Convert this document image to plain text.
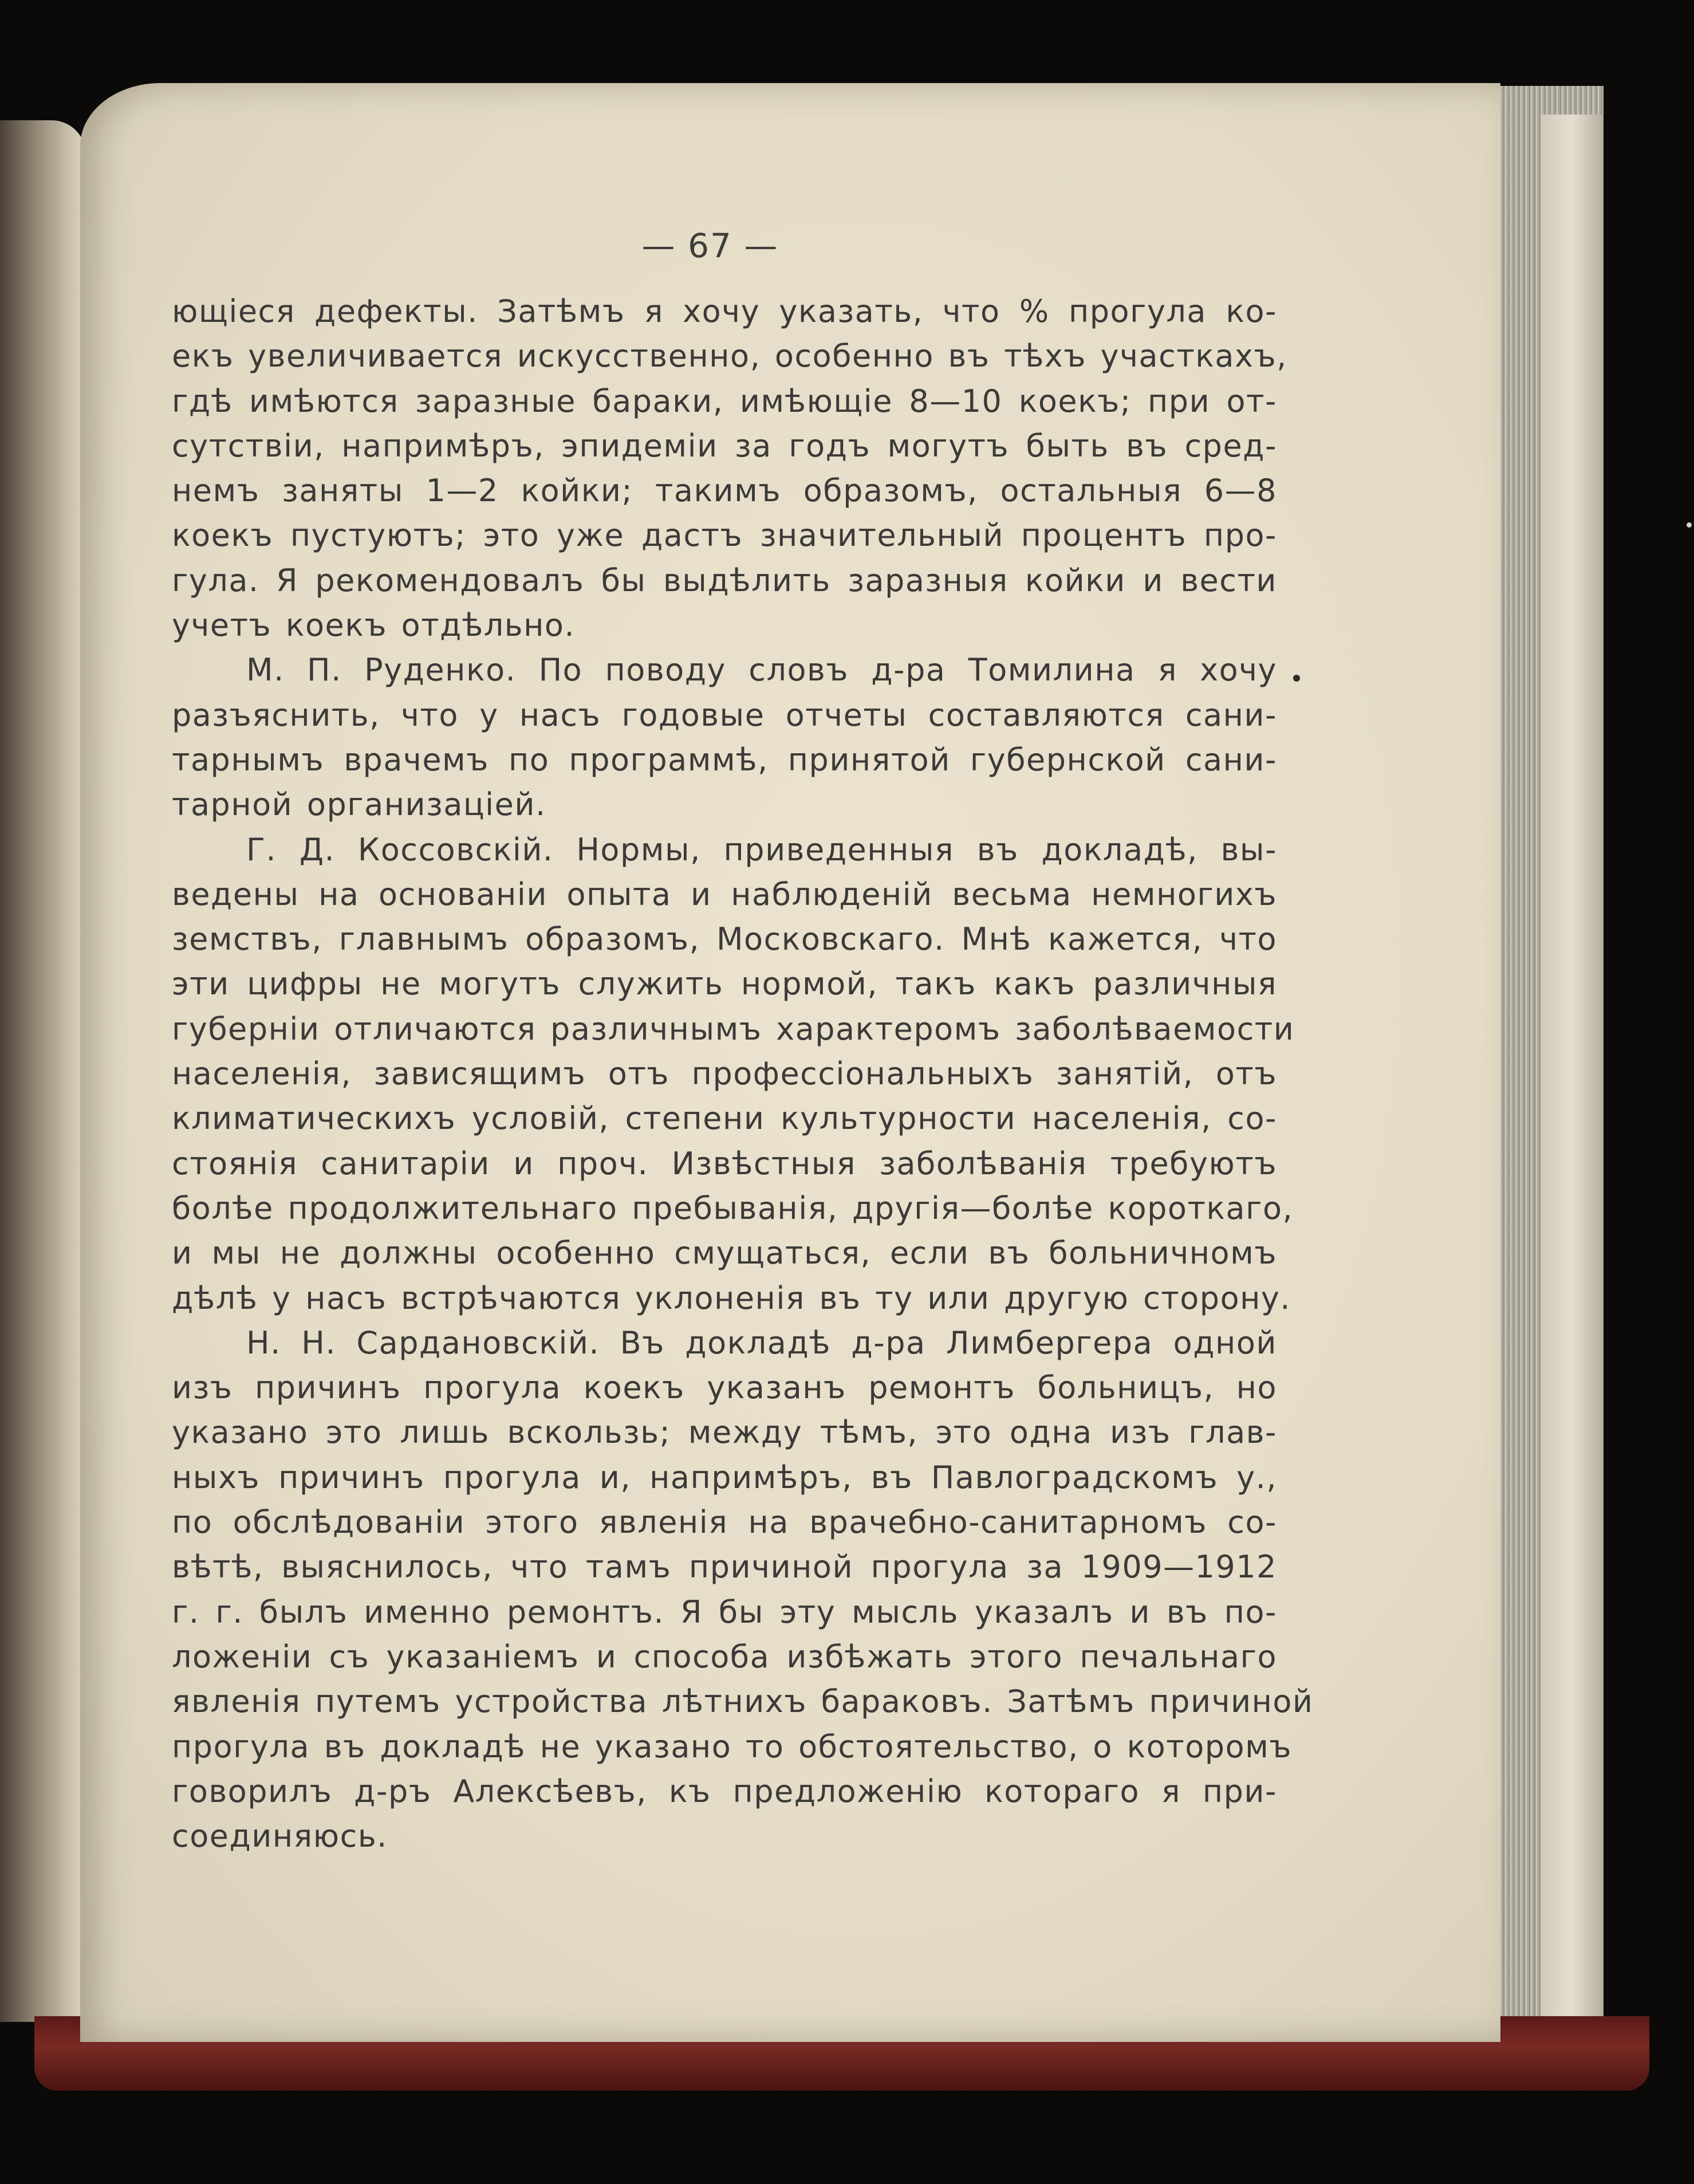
— 67 —
ющіеся дефекты. Затѣмъ я хочу указать, что % прогула ко-
екъ увеличивается искусственно, особенно въ тѣхъ участкахъ,
гдѣ имѣются заразные бараки, имѣющіе 8—10 коекъ; при от-
сутствіи, напримѣръ, эпидеміи за годъ могутъ быть въ сред-
немъ заняты 1—2 койки; такимъ образомъ, остальныя 6—8
коекъ пустуютъ; это уже дастъ значительный процентъ про-
гула. Я рекомендовалъ бы выдѣлить заразныя койки и вести
учетъ коекъ отдѣльно.
М. П. Руденко. По поводу словъ д-ра Томилина я хочу
разъяснить, что у насъ годовые отчеты составляются сани-
тарнымъ врачемъ по программѣ, принятой губернской сани-
тарной организаціей.
Г. Д. Коссовскій. Нормы, приведенныя въ докладѣ, вы-
ведены на основаніи опыта и наблюденій весьма немногихъ
земствъ, главнымъ образомъ, Московскаго. Мнѣ кажется, что
эти цифры не могутъ служить нормой, такъ какъ различныя
губерніи отличаются различнымъ характеромъ заболѣваемости
населенія, зависящимъ отъ профессіональныхъ занятій, отъ
климатическихъ условій, степени культурности населенія, со-
стоянія санитаріи и проч. Извѣстныя заболѣванія требуютъ
болѣе продолжительнаго пребыванія, другія—болѣе короткаго,
и мы не должны особенно смущаться, если въ больничномъ
дѣлѣ у насъ встрѣчаются уклоненія въ ту или другую сторону.
Н. Н. Сардановскій. Въ докладѣ д-ра Лимбергера одной
изъ причинъ прогула коекъ указанъ ремонтъ больницъ, но
указано это лишь вскользь; между тѣмъ, это одна изъ глав-
ныхъ причинъ прогула и, напримѣръ, въ Павлоградскомъ у.,
по обслѣдованіи этого явленія на врачебно-санитарномъ со-
вѣтѣ, выяснилось, что тамъ причиной прогула за 1909—1912
г. г. былъ именно ремонтъ. Я бы эту мысль указалъ и въ по-
ложеніи съ указаніемъ и способа избѣжать этого печальнаго
явленія путемъ устройства лѣтнихъ бараковъ. Затѣмъ причиной
прогула въ докладѣ не указано то обстоятельство, о которомъ
говорилъ д-ръ Алексѣевъ, къ предложенію котораго я при-
соединяюсь.
